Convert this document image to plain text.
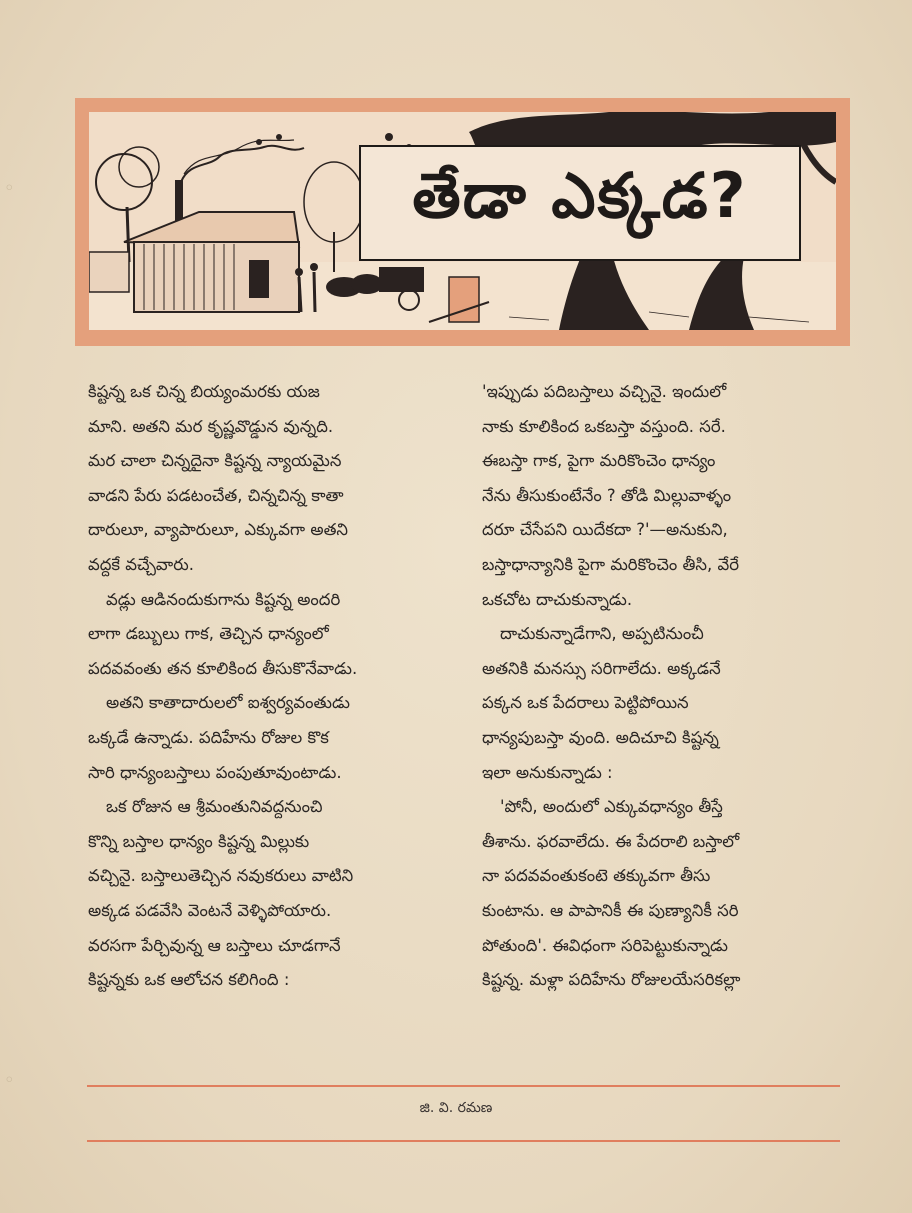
తేడా ఎక్కడ?
కిష్టన్న ఒక చిన్న బియ్యంమరకు యజ
మాని. అతని మర కృష్ణవొడ్డున వున్నది.
మర చాలా చిన్నదైనా కిష్టన్న న్యాయమైన
వాడని పేరు పడటంచేత, చిన్నచిన్న కాతా
దారులూ, వ్యాపారులూ, ఎక్కువగా అతని
వద్దకే వచ్చేవారు.
వడ్లు ఆడినందుకుగాను కిష్టన్న అందరి
లాగా డబ్బులు గాక, తెచ్చిన ధాన్యంలో
పదవవంతు తన కూలికింద తీసుకొనేవాడు.
అతని కాతాదారులలో ఐశ్వర్యవంతుడు
ఒక్కడే ఉన్నాడు. పదిహేను రోజుల కొక
సారి ధాన్యంబస్తాలు పంపుతూవుంటాడు.
ఒక రోజున ఆ శ్రీమంతునివద్దనుంచి
కొన్ని బస్తాల ధాన్యం కిష్టన్న మిల్లుకు
వచ్చినై. బస్తాలుతెచ్చిన నవుకరులు వాటిని
అక్కడ పడవేసి వెంటనే వెళ్ళిపోయారు.
వరసగా పేర్చివున్న ఆ బస్తాలు చూడగానే
కిష్టన్నకు ఒక ఆలోచన కలిగింది :
'ఇప్పుడు పదిబస్తాలు వచ్చినై. ఇందులో
నాకు కూలికింద ఒకబస్తా వస్తుంది. సరే.
ఈబస్తా గాక, పైగా మరికొంచెం ధాన్యం
నేను తీసుకుంటేనేం ? తోడి మిల్లువాళ్ళం
దరూ చేసేపని యిదేకదా ?'—అనుకుని,
బస్తాధాన్యానికి పైగా మరికొంచెం తీసి, వేరే
ఒకచోట దాచుకున్నాడు.
దాచుకున్నాడేగాని, అప్పటినుంచీ
అతనికి మనస్సు సరిగాలేదు. అక్కడనే
పక్కన ఒక పేదరాలు పెట్టిపోయిన
ధాన్యపుబస్తా వుంది. అదిచూచి కిష్టన్న
ఇలా అనుకున్నాడు :
'పోనీ, అందులో ఎక్కువధాన్యం తీస్తే
తీశాను. ఫరవాలేదు. ఈ పేదరాలి బస్తాలో
నా పదవవంతుకంటె తక్కువగా తీసు
కుంటాను. ఆ పాపానికీ ఈ పుణ్యానికీ సరి
పోతుంది'. ఈవిధంగా సరిపెట్టుకున్నాడు
కిష్టన్న. మళ్లా పదిహేను రోజులయేసరికల్లా
జి. వి. రమణ
◦
◦
